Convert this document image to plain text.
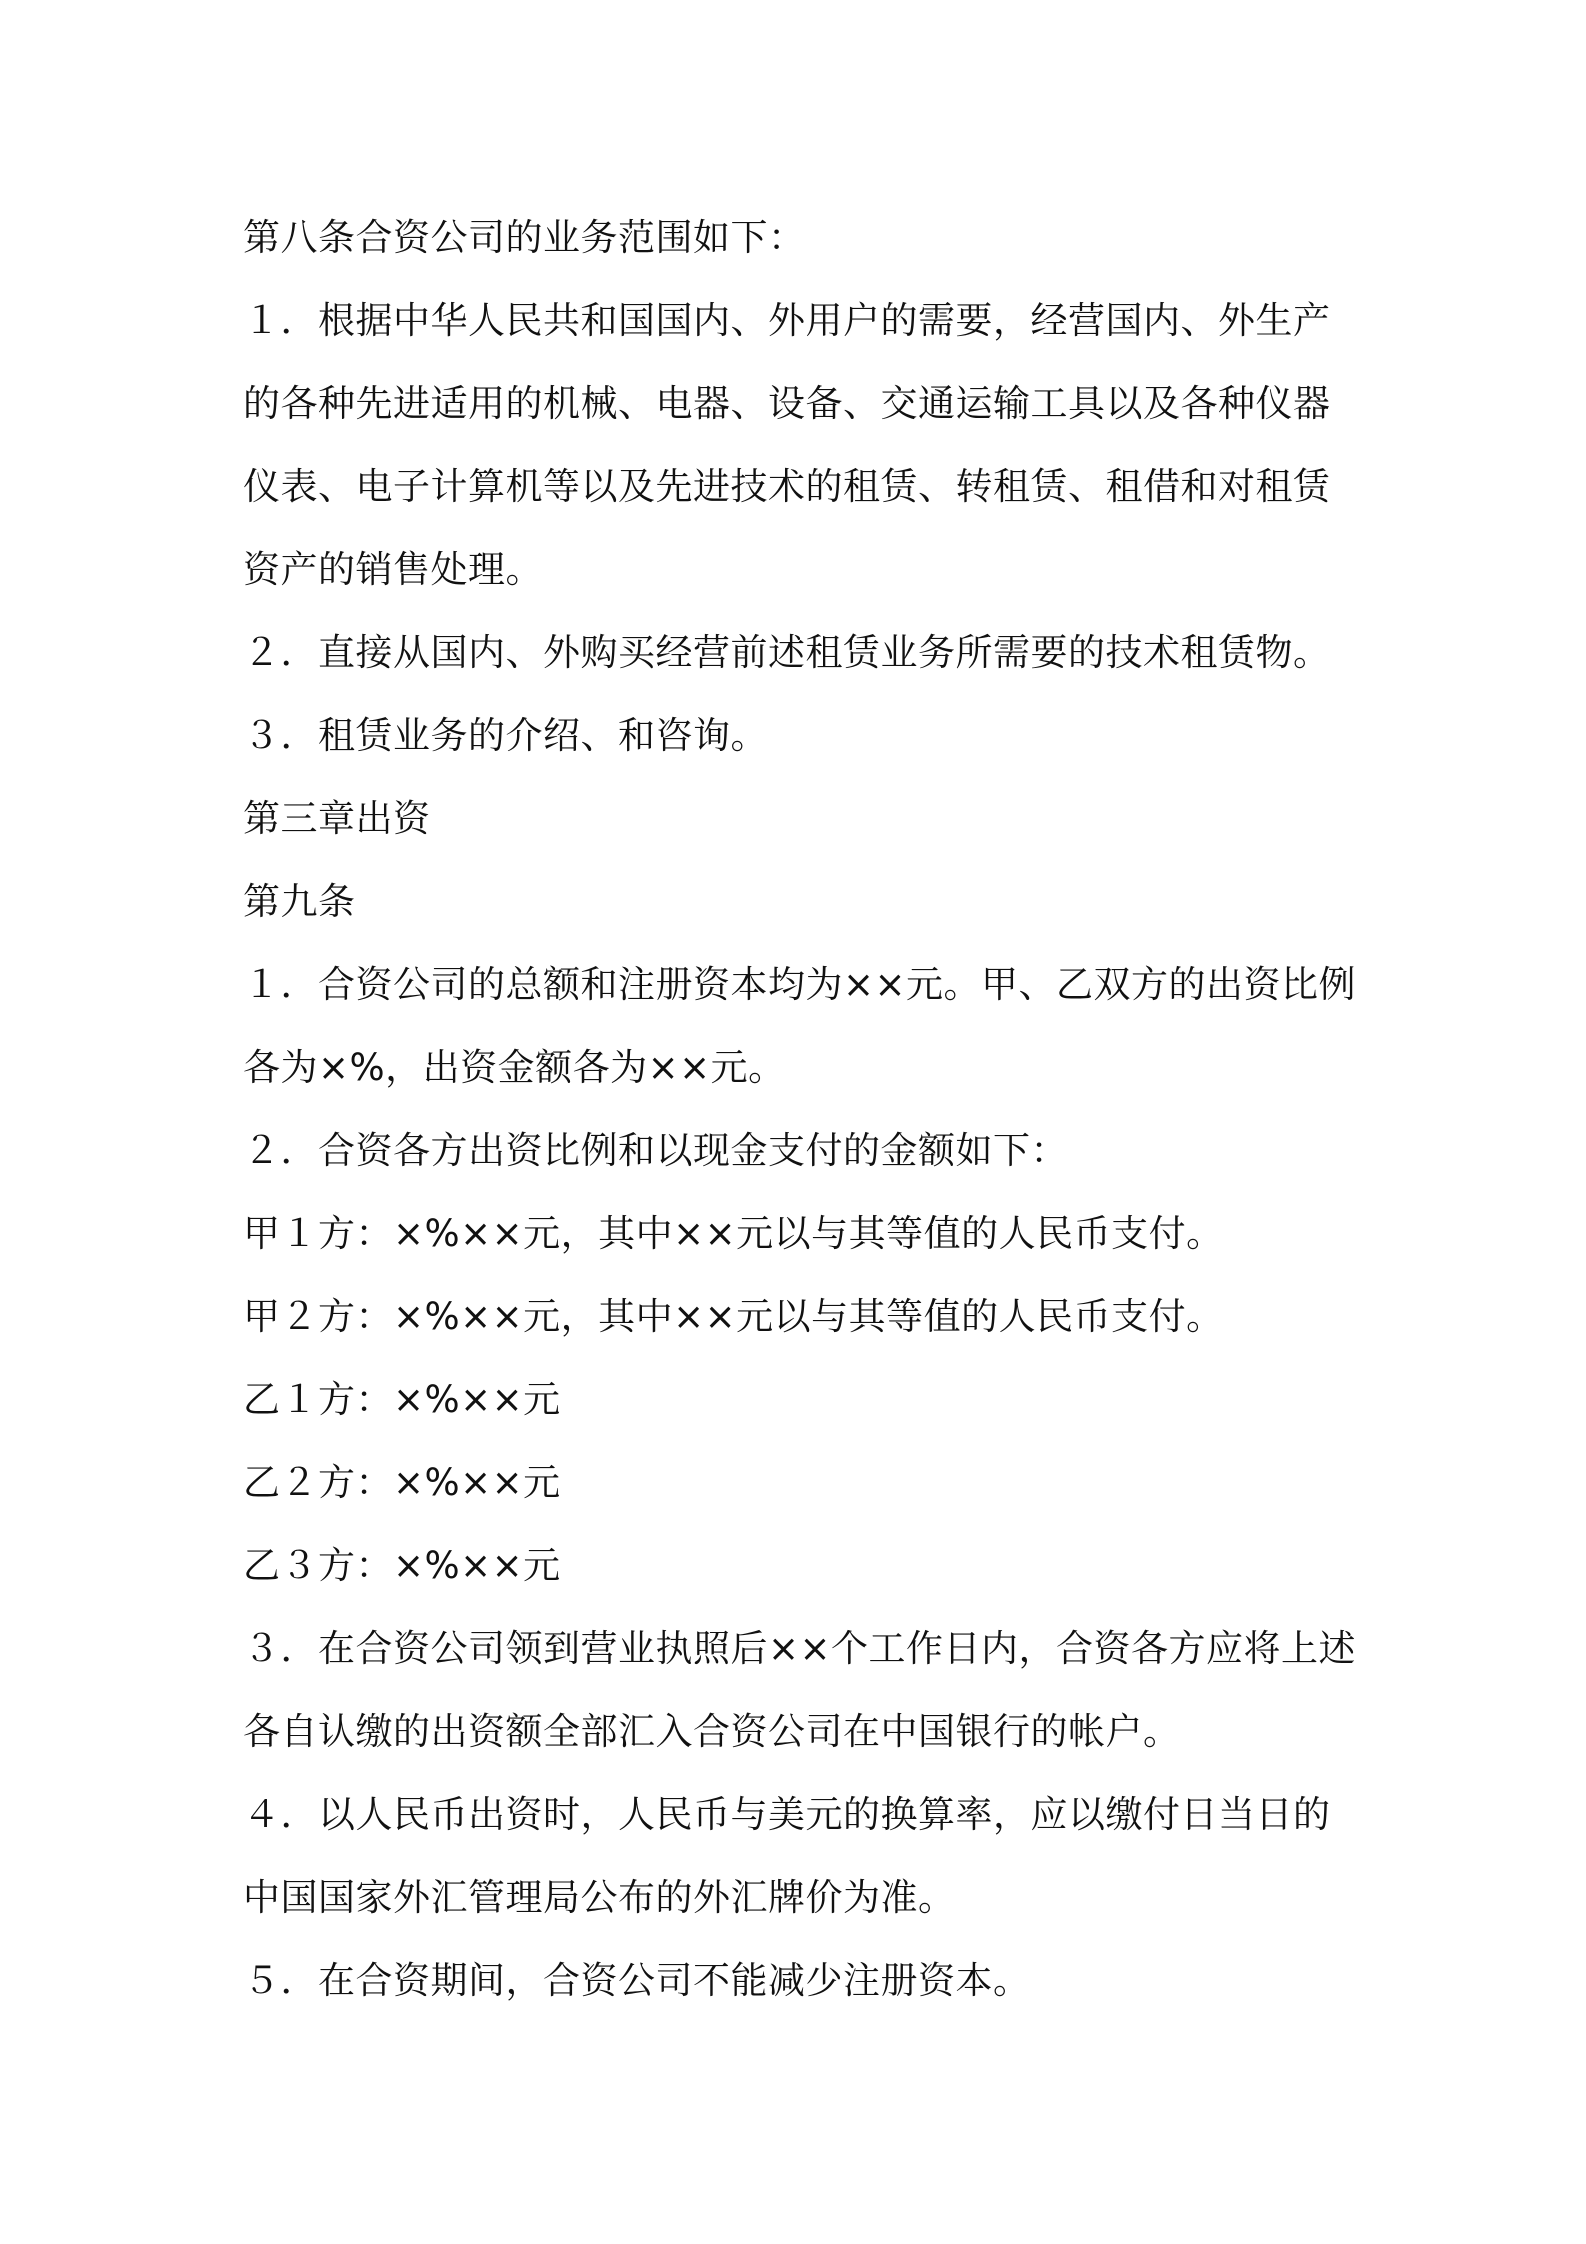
第八条合资公司的业务范围如下：

１．根据中华人民共和国国内、外用户的需要，经营国内、外生产的各种先进适用的机械、电器、设备、交通运输工具以及各种仪器仪表、电子计算机等以及先进技术的租赁、转租赁、租借和对租赁资产的销售处理。

２．直接从国内、外购买经营前述租赁业务所需要的技术租赁物。

３．租赁业务的介绍、和咨询。

第三章出资

第九条

１．合资公司的总额和注册资本均为××元。甲、乙双方的出资比例各为×%，出资金额各为××元。

２．合资各方出资比例和以现金支付的金额如下：

甲１方：×%××元，其中××元以与其等值的人民币支付。

甲２方：×%××元，其中××元以与其等值的人民币支付。

乙１方：×%××元

乙２方：×%××元

乙３方：×%××元

３．在合资公司领到营业执照后××个工作日内，合资各方应将上述各自认缴的出资额全部汇入合资公司在中国银行的帐户。

４．以人民币出资时，人民币与美元的换算率，应以缴付日当日的中国国家外汇管理局公布的外汇牌价为准。

５．在合资期间，合资公司不能减少注册资本。
